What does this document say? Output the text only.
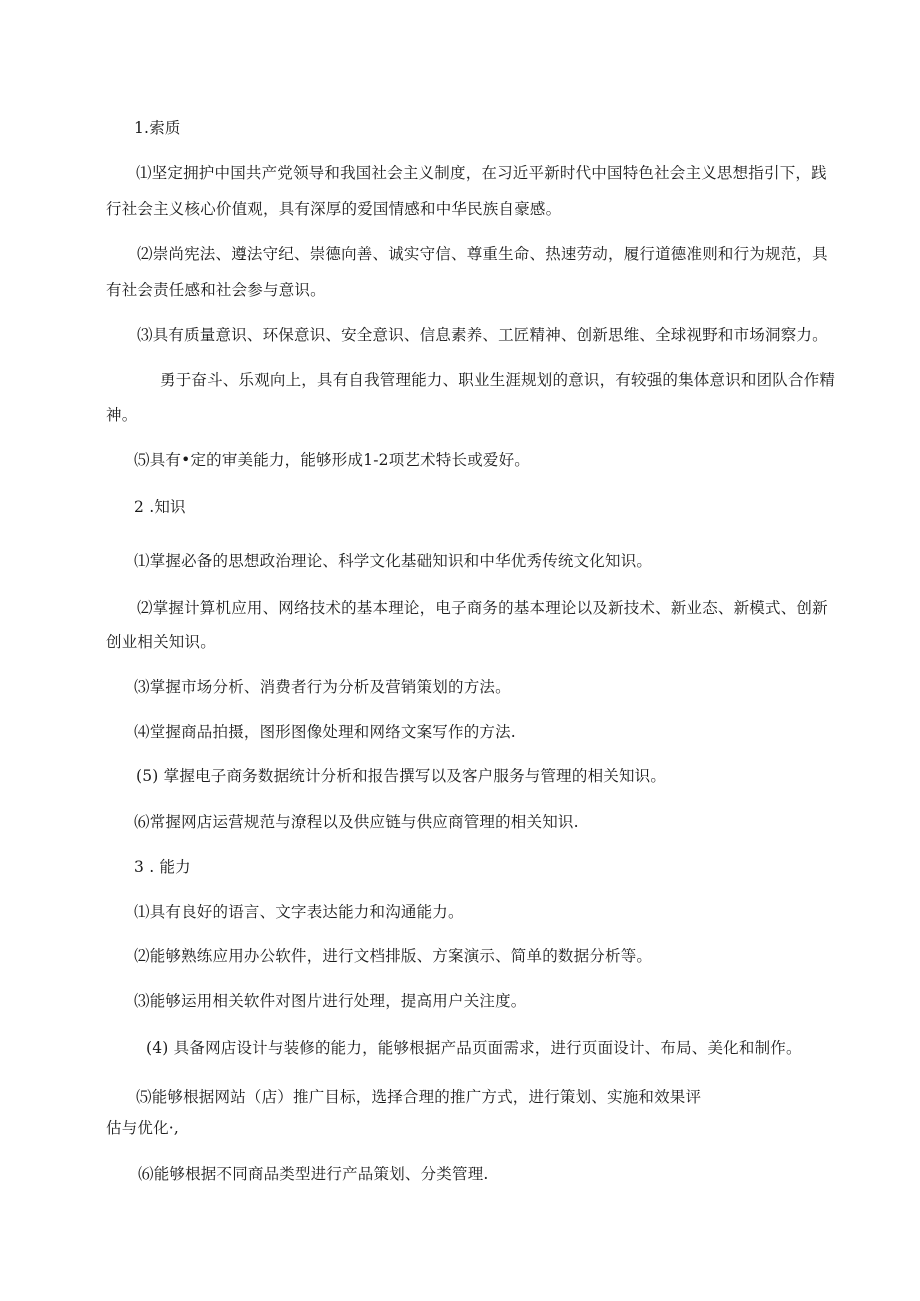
1.索质
⑴坚定拥护中国共产党领导和我国社会主义制度，在习近平新时代中国特色社会主义思想指引下，践
行社会主义核心价值观，具有深厚的爱国情感和中华民族自豪感。
⑵崇尚宪法、遵法守纪、崇德向善、诚实守信、尊重生命、热速劳动，履行道德准则和行为规范，具
有社会责任感和社会参与意识。
⑶具有质量意识、环保意识、安全意识、信息素养、工匠精神、创新思维、全球视野和市场洞察力。
勇于奋斗、乐观向上，具有自我管理能力、职业生涯规划的意识，有较强的集体意识和团队合作精
神。
⑸具有•定的审美能力，能够形成1-2项艺术特长或爱好。
2 .知识
⑴掌握必备的思想政治理论、科学文化基础知识和中华优秀传统文化知识。
⑵掌握计算机应用、网络技术的基本理论，电子商务的基本理论以及新技术、新业态、新模式、创新
创业相关知识。
⑶掌握市场分析、消费者行为分析及营销策划的方法。
⑷堂握商品拍摄，图形图像处理和网络文案写作的方法.
(5) 掌握电子商务数据统计分析和报告撰写以及客户服务与管理的相关知识。
⑹常握网店运营规范与潦程以及供应链与供应商管理的相关知识.
3 . 能力
⑴具有良好的语言、文字表达能力和沟通能力。
⑵能够熟练应用办公软件，进行文档排版、方案演示、简单的数据分析等。
⑶能够运用相关软件对图片进行处理，提高用户关注度。
(4) 具备网店设计与装修的能力，能够根据产品页面需求，进行页面设计、布局、美化和制作。
⑸能够根据网站（店）推广目标，选择合理的推广方式，进行策划、实施和效果评
估与优化·,
⑹能够根据不同商品类型进行产品策划、分类管理.
